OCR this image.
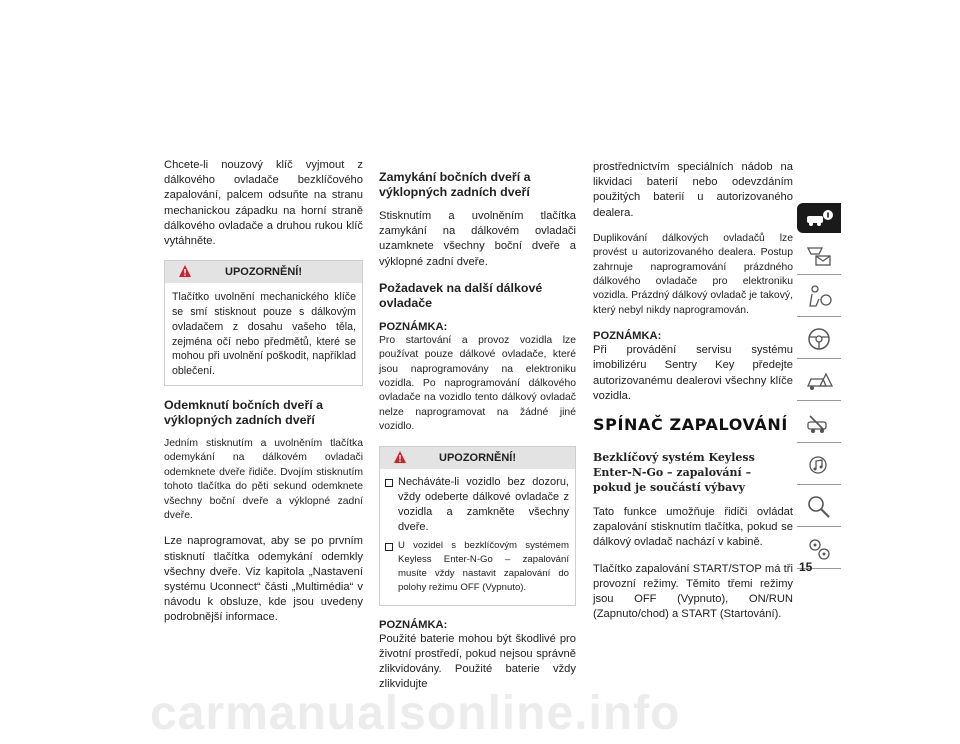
Chcete-li nouzový klíč vyjmout z dálkového ovladače bezklíčového zapalování, palcem odsuňte na stranu mechanickou západku na horní straně dálkového ovladače a druhou rukou klíč vytáhněte.

UPOZORNĚNÍ!
Tlačítko uvolnění mechanického klíče se smí stisknout pouze s dálkovým ovladačem z dosahu vašeho těla, zejména očí nebo předmětů, které se mohou při uvolnění poškodit, například oblečení.
Odemknutí bočních dveří a výklopných zadních dveří

Jedním stisknutím a uvolněním tlačítka odemykání na dálkovém ovladači odemknete dveře řidiče. Dvojím stisknutím tohoto tlačítka do pěti sekund odemknete všechny boční dveře a výklopné zadní dveře.

Lze naprogramovat, aby se po prvním stisknutí tlačítka odemykání odemkly všechny dveře. Viz kapitola „Nastavení systému Uconnect“ části „Multimédia“ v návodu k obsluze, kde jsou uvedeny podrobnější informace.

Zamykání bočních dveří a výklopných zadních dveří

Stisknutím a uvolněním tlačítka zamykání na dálkovém ovladači uzamknete všechny boční dveře a výklopné zadní dveře.

Požadavek na další dálkové ovladače
POZNÁMKA:

Pro startování a provoz vozidla lze používat pouze dálkové ovladače, které jsou naprogramovány na elektroniku vozidla. Po naprogramování dálkového ovladače na vozidlo tento dálkový ovladač nelze naprogramovat na žádné jiné vozidlo.

UPOZORNĚNÍ!
Necháváte-li vozidlo bez dozoru, vždy odeberte dálkové ovladače z vozidla a zamkněte všechny dveře.
U vozidel s bezklíčovým systémem Keyless Enter-N-Go – zapalování musíte vždy nastavit zapalování do polohy režimu OFF (Vypnuto).
POZNÁMKA:

Použité baterie mohou být škodlivé pro životní prostředí, pokud nejsou správně zlikvidovány. Použité baterie vždy zlikvidujte

prostřednictvím speciálních nádob na likvidaci baterií nebo odevzdáním použitých baterií u autorizovaného dealera.

Duplikování dálkových ovladačů lze provést u autorizovaného dealera. Postup zahrnuje naprogramování prázdného dálkového ovladače pro elektroniku vozidla. Prázdný dálkový ovladač je takový, který nebyl nikdy naprogramován.

POZNÁMKA:

Při provádění servisu systému imobilizéru Sentry Key předejte autorizovanému dealerovi všechny klíče vozidla.

SPÍNAČ ZAPALOVÁNÍ
Bezklíčový systém Keyless Enter-N-Go – zapalování – pokud je součástí výbavy

Tato funkce umožňuje řidiči ovládat zapalování stisknutím tlačítka, pokud se dálkový ovladač nachází v kabině.

Tlačítko zapalování START/STOP má tři provozní režimy. Těmito třemi režimy jsou OFF (Vypnuto), ON/RUN (Zapnuto/chod) a START (Startování).

15
carmanualsonline.info
